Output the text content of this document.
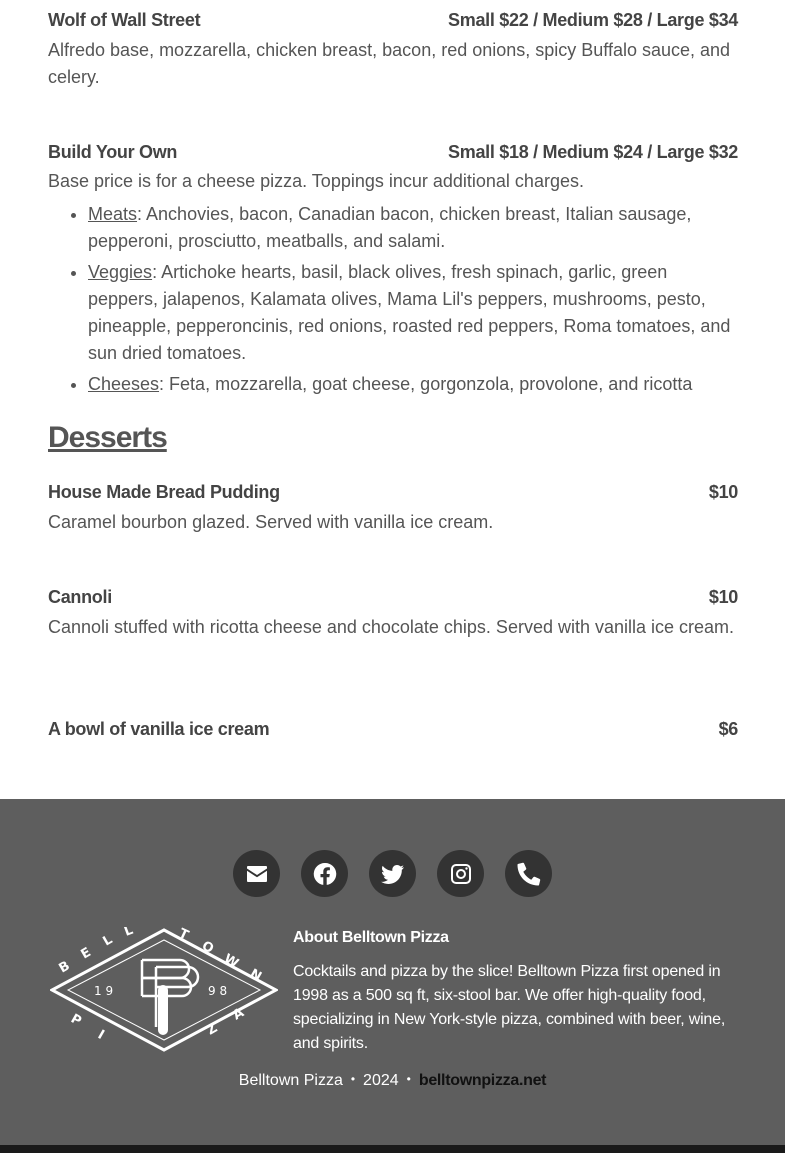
Wolf of Wall Street	Small $22 / Medium $28 / Large $34

Alfredo base, mozzarella, chicken breast, bacon, red onions, spicy Buffalo sauce, and celery.

Build Your Own	Small $18 / Medium $24 / Large $32

Base price is for a cheese pizza. Toppings incur additional charges.

• Meats: Anchovies, bacon, Canadian bacon, chicken breast, Italian sausage, pepperoni, prosciutto, meatballs, and salami.
• Veggies: Artichoke hearts, basil, black olives, fresh spinach, garlic, green peppers, jalapenos, Kalamata olives, Mama Lil's peppers, mushrooms, pesto, pineapple, pepperoncinis, red onions, roasted red peppers, Roma tomatoes, and sun dried tomatoes.
• Cheeses: Feta, mozzarella, goat cheese, gorgonzola, provolone, and ricotta
Desserts
House Made Bread Pudding	$10

Caramel bourbon glazed. Served with vanilla ice cream.

Cannoli	$10

Cannoli stuffed with ricotta cheese and chocolate chips. Served with vanilla ice cream.

A bowl of vanilla ice cream	$6
B
E
L
L	T
O
W
N
P
I	Z
A
1 9	9 8
About Belltown Pizza

Cocktails and pizza by the slice! Belltown Pizza first opened in 1998 as a 500 sq ft, six-stool bar. We offer high-quality food, specializing in New York-style pizza, combined with beer, wine, and spirits.

Belltown Pizza • 2024 • belltownpizza.net
